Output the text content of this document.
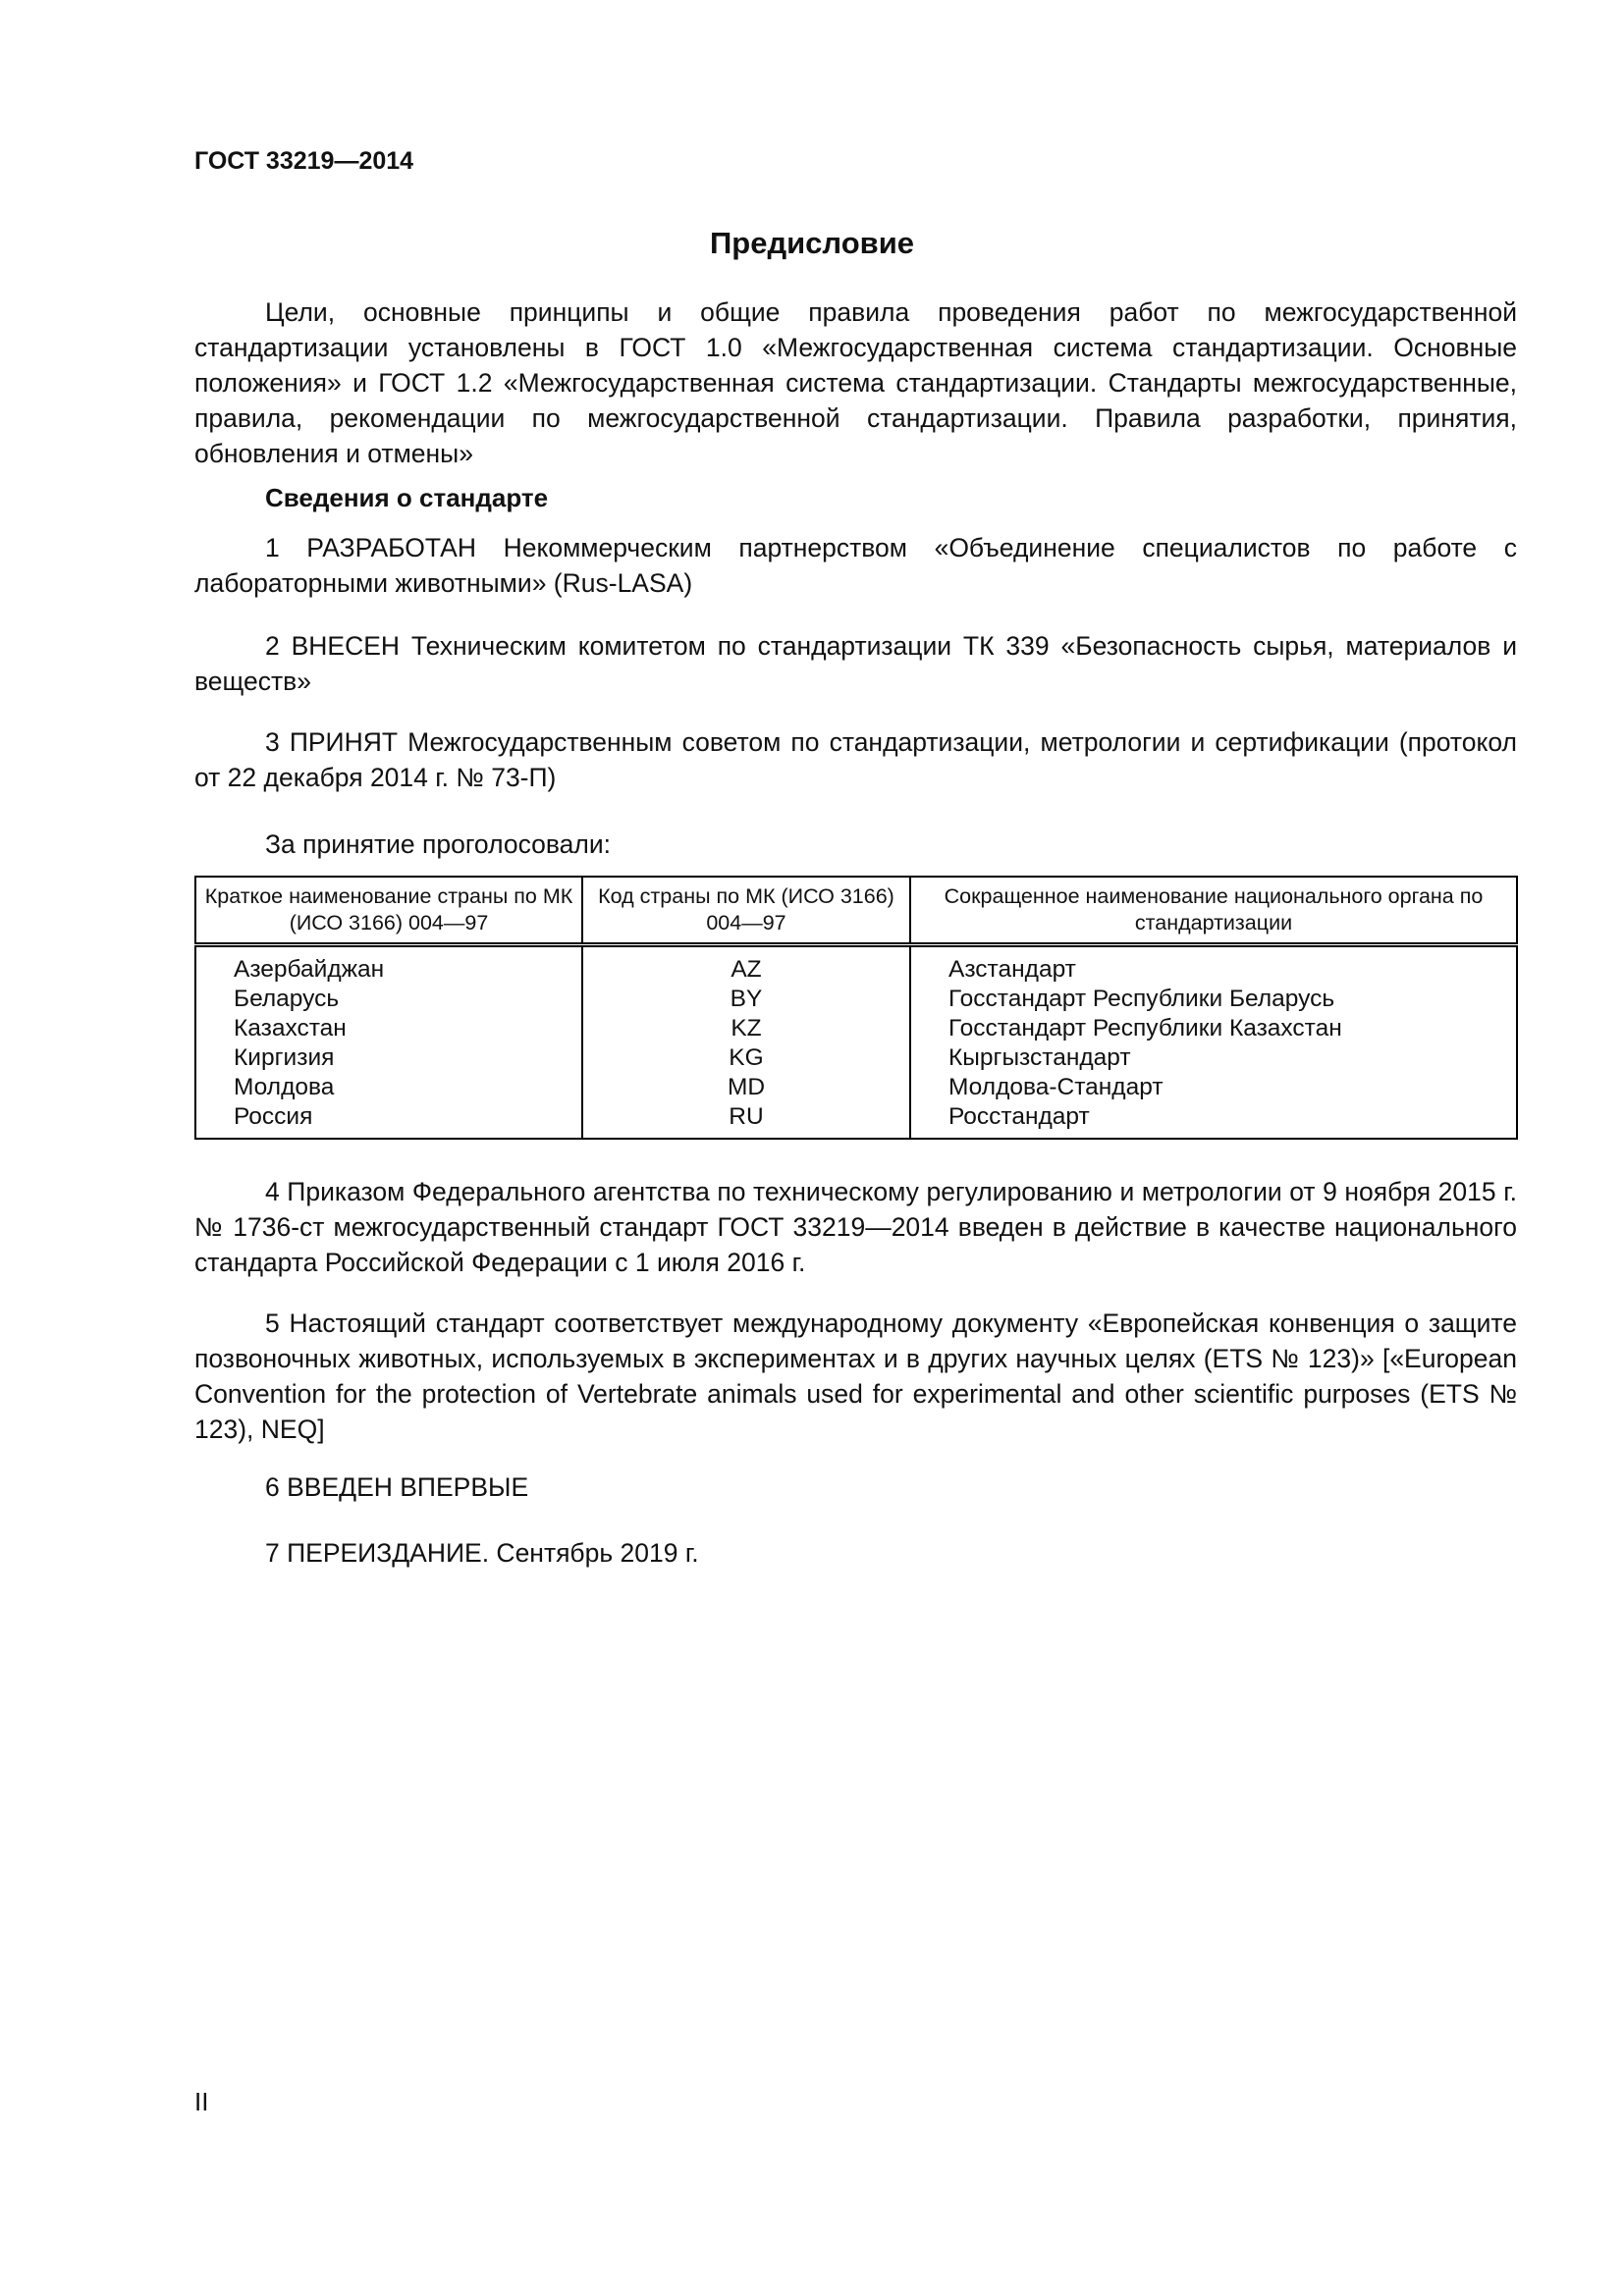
ГОСТ 33219—2014
Предисловие

Цели, основные принципы и общие правила проведения работ по межгосударственной стандартизации установлены в ГОСТ 1.0 «Межгосударственная система стандартизации. Основные положения» и ГОСТ 1.2 «Межгосударственная система стандартизации. Стандарты межгосударственные, правила, рекомендации по межгосударственной стандартизации. Правила разработки, принятия, обновления и отмены»

Сведения о стандарте

1 РАЗРАБОТАН Некоммерческим партнерством «Объединение специалистов по работе с лабораторными животными» (Rus-LASA)

2 ВНЕСЕН Техническим комитетом по стандартизации ТК 339 «Безопасность сырья, материалов и веществ»

3 ПРИНЯТ Межгосударственным советом по стандартизации, метрологии и сертификации (протокол от 22 декабря 2014 г. № 73-П)

За принятие проголосовали:

Краткое наименование страны по МК (ИСО 3166) 004—97	Код страны по МК (ИСО 3166) 004—97	Сокращенное наименование национального органа по стандартизации
Азербайджан	AZ	Азстандарт
Беларусь	BY	Госстандарт Республики Беларусь
Казахстан	KZ	Госстандарт Республики Казахстан
Киргизия	KG	Кыргызстандарт
Молдова	MD	Молдова-Стандарт
Россия	RU	Росстандарт

4 Приказом Федерального агентства по техническому регулированию и метрологии от 9 ноября 2015 г. № 1736-ст межгосударственный стандарт ГОСТ 33219—2014 введен в действие в качестве национального стандарта Российской Федерации с 1 июля 2016 г.

5 Настоящий стандарт соответствует международному документу «Европейская конвенция о защите позвоночных животных, используемых в экспериментах и в других научных целях (ETS № 123)» [«European Convention for the protection of Vertebrate animals used for experimental and other scientific purposes (ETS № 123), NEQ]

6 ВВЕДЕН ВПЕРВЫЕ

7 ПЕРЕИЗДАНИЕ. Сентябрь 2019 г.

II
